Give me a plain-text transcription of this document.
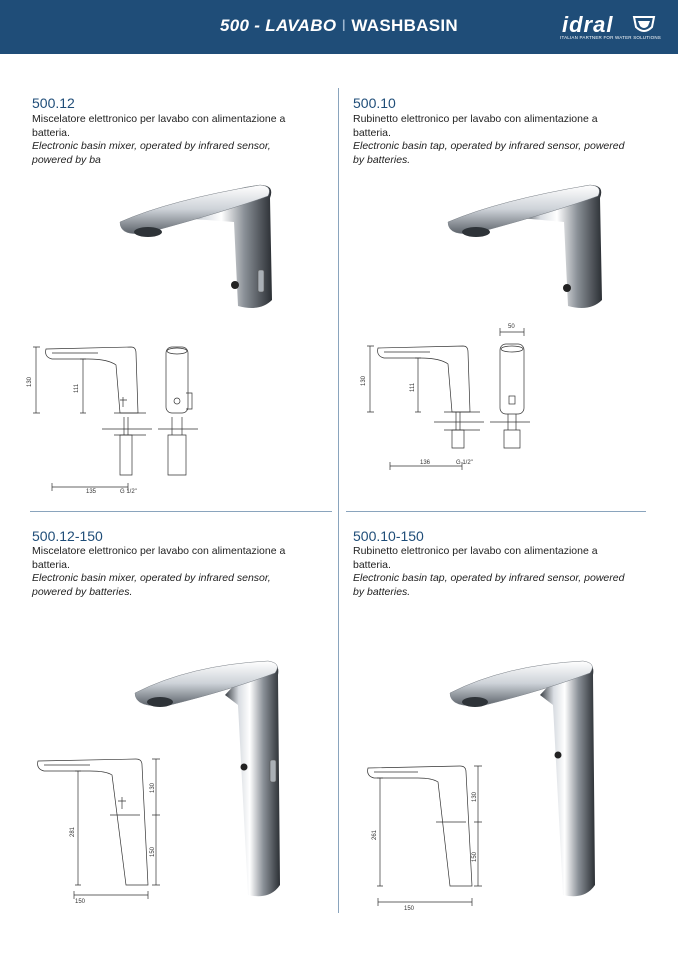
500 - LAVABO I WASHBASIN	idral
ITALIAN PARTNER FOR WATER SOLUTIONS
500.12
Miscelatore elettronico per lavabo con alimentazione a batteria.
Electronic basin mixer, operated by infrared sensor, powered by ba
500.10
Rubinetto elettronico per lavabo con alimentazione a batteria.
Electronic basin tap, operated by infrared sensor, powered by batteries.
500.12-150
Miscelatore elettronico per lavabo con alimentazione a batteria.
Electronic basin mixer, operated by infrared sensor, powered by batteries.
500.10-150
Rubinetto elettronico per lavabo con alimentazione a batteria.
Electronic basin tap, operated by infrared sensor, powered by batteries.
130
111
135	G 1/2"
50
130
111
136	G 1/2"
130
281
150
150
130
261
150
150
